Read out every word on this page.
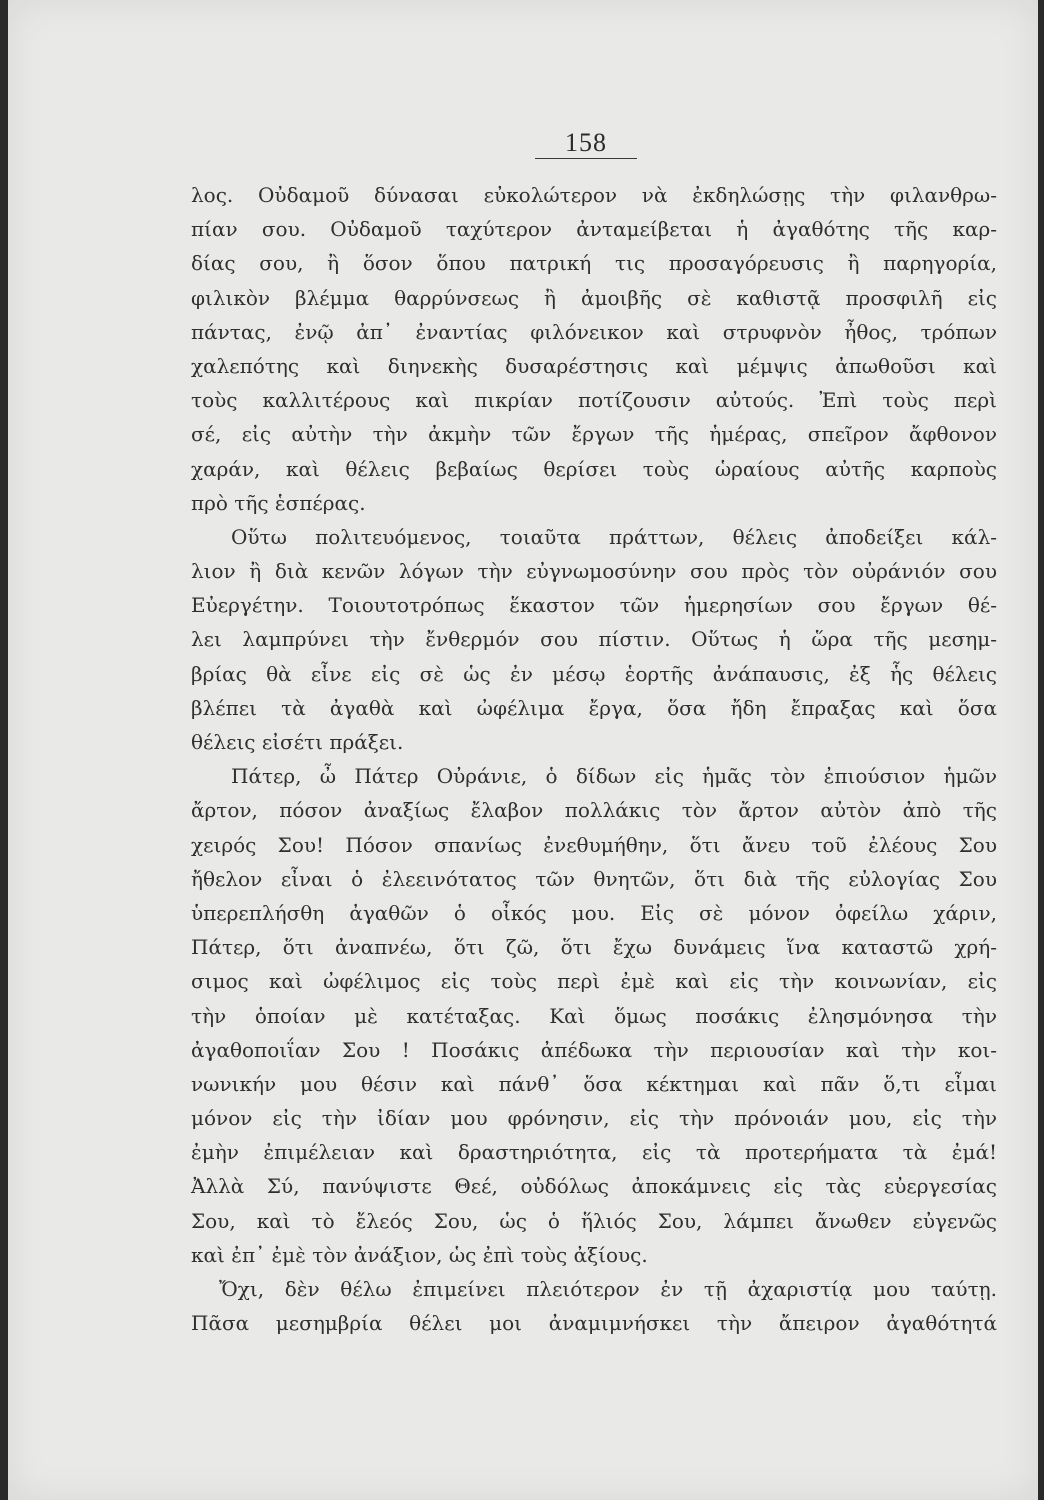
158
λος. Οὐδαμοῦ δύνασαι εὐκολώτερον νὰ ἐκδηλώσῃς τὴν φιλανθρω-
πίαν σου. Οὐδαμοῦ ταχύτερον ἀνταμείβεται ἡ ἀγαθότης τῆς καρ-
δίας σου, ἢ ὅσον ὅπου πατρική τις προσαγόρευσις ἢ παρηγορία,
φιλικὸν βλέμμα θαρρύνσεως ἢ ἀμοιβῆς σὲ καθιστᾷ προσφιλῆ εἰς
πάντας, ἐνῷ ἀπ᾽ ἐναντίας φιλόνεικον καὶ στρυφνὸν ἦθος, τρόπων
χαλεπότης καὶ διηνεκὴς δυσαρέστησις καὶ μέμψις ἀπωθοῦσι καὶ
τοὺς καλλιτέρους καὶ πικρίαν ποτίζουσιν αὐτούς. Ἐπὶ τοὺς περὶ
σέ, εἰς αὐτὴν τὴν ἀκμὴν τῶν ἔργων τῆς ἡμέρας, σπεῖρον ἄφθονον
χαράν, καὶ θέλεις βεβαίως θερίσει τοὺς ὡραίους αὐτῆς καρποὺς
πρὸ τῆς ἑσπέρας.
Οὕτω πολιτευόμενος, τοιαῦτα πράττων, θέλεις ἀποδείξει κάλ-
λιον ἢ διὰ κενῶν λόγων τὴν εὐγνωμοσύνην σου πρὸς τὸν οὐράνιόν σου
Εὐεργέτην. Τοιουτοτρόπως ἕκαστον τῶν ἡμερησίων σου ἔργων θέ-
λει λαμπρύνει τὴν ἔνθερμόν σου πίστιν. Οὕτως ἡ ὥρα τῆς μεσημ-
βρίας θὰ εἶνε εἰς σὲ ὡς ἐν μέσῳ ἑορτῆς ἀνάπαυσις, ἐξ ἧς θέλεις
βλέπει τὰ ἀγαθὰ καὶ ὠφέλιμα ἔργα, ὅσα ἤδη ἔπραξας καὶ ὅσα
θέλεις εἰσέτι πράξει.
Πάτερ, ὦ Πάτερ Οὐράνιε, ὁ δίδων εἰς ἡμᾶς τὸν ἐπιούσιον ἡμῶν
ἄρτον, πόσον ἀναξίως ἔλαβον πολλάκις τὸν ἄρτον αὐτὸν ἀπὸ τῆς
χειρός Σου! Πόσον σπανίως ἐνεθυμήθην, ὅτι ἄνευ τοῦ ἐλέους Σου
ἤθελον εἶναι ὁ ἐλεεινότατος τῶν θνητῶν, ὅτι διὰ τῆς εὐλογίας Σου
ὑπερεπλήσθη ἀγαθῶν ὁ οἶκός μου. Εἰς σὲ μόνον ὀφείλω χάριν,
Πάτερ, ὅτι ἀναπνέω, ὅτι ζῶ, ὅτι ἔχω δυνάμεις ἵνα καταστῶ χρή-
σιμος καὶ ὠφέλιμος εἰς τοὺς περὶ ἐμὲ καὶ εἰς τὴν κοινωνίαν, εἰς
τὴν ὁποίαν μὲ κατέταξας. Καὶ ὅμως ποσάκις ἐλησμόνησα τὴν
ἀγαθοποιΐαν Σου ! Ποσάκις ἀπέδωκα τὴν περιουσίαν καὶ τὴν κοι-
νωνικήν μου θέσιν καὶ πάνθ᾽ ὅσα κέκτημαι καὶ πᾶν ὅ,τι εἶμαι
μόνον εἰς τὴν ἰδίαν μου φρόνησιν, εἰς τὴν πρόνοιάν μου, εἰς τὴν
ἐμὴν ἐπιμέλειαν καὶ δραστηριότητα, εἰς τὰ προτερήματα τὰ ἐμά!
Ἀλλὰ Σύ, πανύψιστε Θεέ, οὐδόλως ἀποκάμνεις εἰς τὰς εὐεργεσίας
Σου, καὶ τὸ ἔλεός Σου, ὡς ὁ ἥλιός Σου, λάμπει ἄνωθεν εὐγενῶς
καὶ ἐπ᾽ ἐμὲ τὸν ἀνάξιον, ὡς ἐπὶ τοὺς ἀξίους.
Ὄχι, δὲν θέλω ἐπιμείνει πλειότερον ἐν τῇ ἀχαριστίᾳ μου ταύτῃ.
Πᾶσα μεσημβρία θέλει μοι ἀναμιμνήσκει τὴν ἄπειρον ἀγαθότητά
